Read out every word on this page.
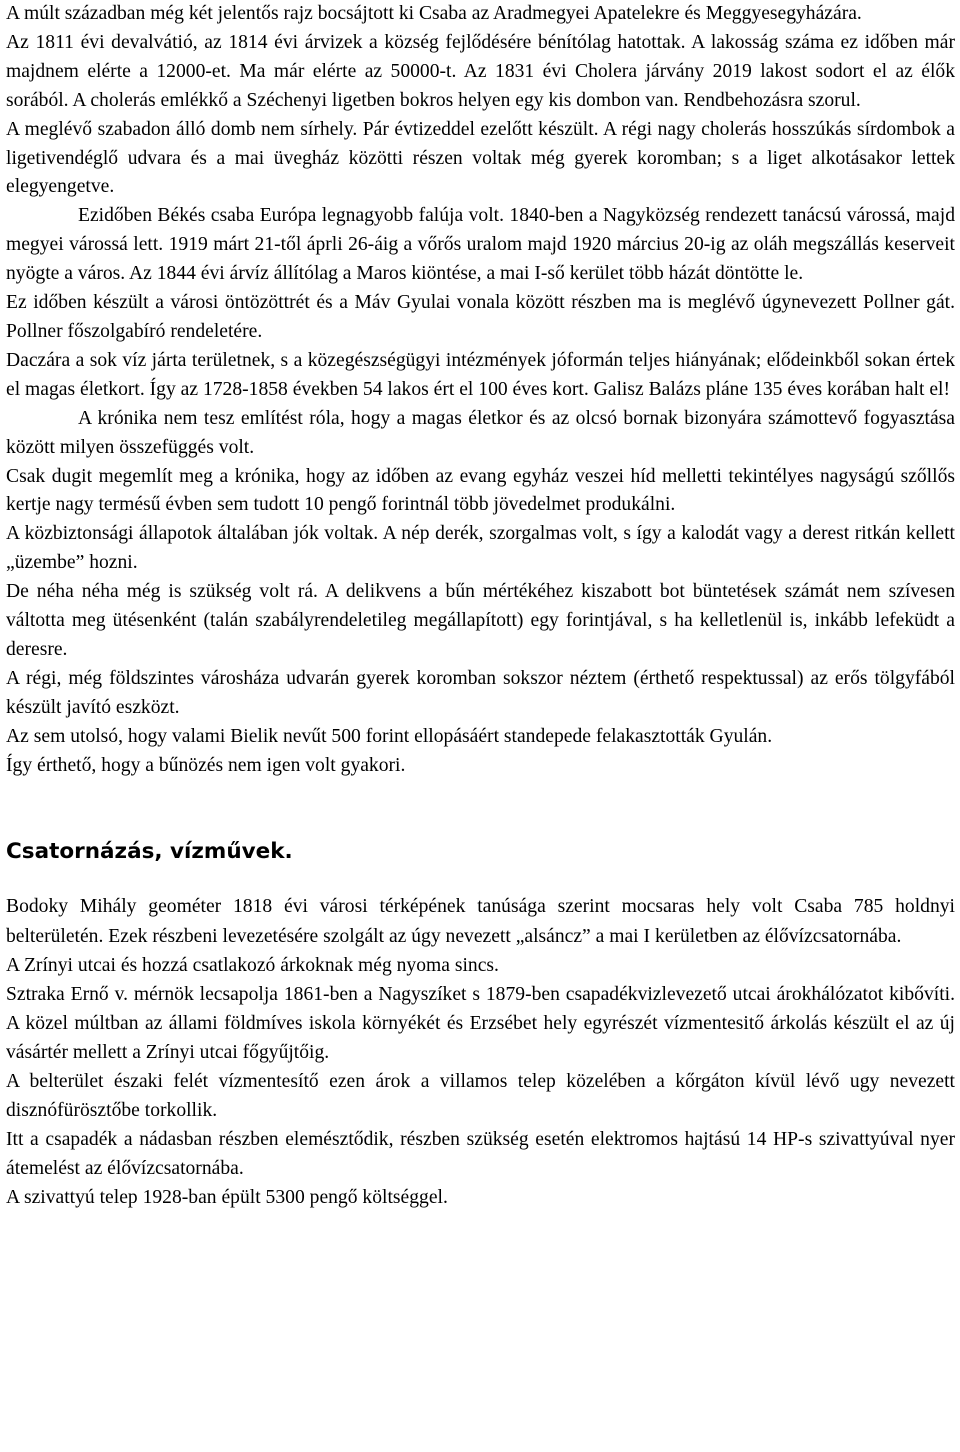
A múlt században még két jelentős rajz bocsájtott ki Csaba az Aradmegyei Apatelekre és Meggyesegyházára.

Az 1811 évi devalvátió, az 1814 évi árvizek a község fejlődésére bénítólag hatottak. A lakosság száma ez időben már majdnem elérte a 12000-et. Ma már elérte az 50000-t. Az 1831 évi Cholera járvány 2019 lakost sodort el az élők sorából. A cholerás emlékkő a Széchenyi ligetben bokros helyen egy kis dombon van. Rendbehozásra szorul.

A meglévő szabadon álló domb nem sírhely. Pár évtizeddel ezelőtt készült. A régi nagy cholerás hosszúkás sírdombok a ligetivendéglő udvara és a mai üvegház közötti részen voltak még gyerek koromban; s a liget alkotásakor lettek elegyengetve.

Ezidőben Békés csaba Európa legnagyobb falúja volt. 1840-ben a Nagyközség rendezett tanácsú várossá, majd megyei várossá lett. 1919 márt 21-től áprli 26-áig a vőrős uralom majd 1920 március 20-ig az oláh megszállás keserveit nyögte a város. Az 1844 évi árvíz állítólag a Maros kiöntése, a mai I-ső kerület több házát döntötte le.

Ez időben készült a városi öntözöttrét és a Máv Gyulai vonala között részben ma is meglévő úgynevezett Pollner gát. Pollner főszolgabíró rendeletére.

Daczára a sok víz járta területnek, s a közegészségügyi intézmények jóformán teljes hiányának; elődeinkből sokan értek el magas életkort. Így az 1728-1858 években 54 lakos ért el 100 éves kort. Galisz Balázs pláne 135 éves korában halt el!

A krónika nem tesz említést róla, hogy a magas életkor és az olcsó bornak bizonyára számottevő fogyasztása között milyen összefüggés volt.

Csak dugit megemlít meg a krónika, hogy az időben az evang egyház veszei híd melletti tekintélyes nagyságú szőllős kertje nagy termésű évben sem tudott 10 pengő forintnál több jövedelmet produkálni.

A közbiztonsági állapotok általában jók voltak. A nép derék, szorgalmas volt, s így a kalodát vagy a derest ritkán kellett „üzembe” hozni.

De néha néha még is szükség volt rá. A delikvens a bűn mértékéhez kiszabott bot büntetések számát nem szívesen váltotta meg ütésenként (talán szabályrendeletileg megállapított) egy forintjával, s ha kelletlenül is, inkább lefeküdt a deresre.

A régi, még földszintes városháza udvarán gyerek koromban sokszor néztem (érthető respektussal) az erős tölgyfából készült javító eszközt.

Az sem utolsó, hogy valami Bielik nevűt 500 forint ellopásáért standepede felakasztották Gyulán.

Így érthető, hogy a bűnözés nem igen volt gyakori.

Csatornázás, vízművek.

Bodoky Mihály geométer 1818 évi városi térképének tanúsága szerint mocsaras hely volt Csaba 785 holdnyi belterületén. Ezek részbeni levezetésére szolgált az úgy nevezett „alsáncz” a mai I kerületben az élővízcsatornába.

A Zrínyi utcai és hozzá csatlakozó árkoknak még nyoma sincs.

Sztraka Ernő v. mérnök lecsapolja 1861-ben a Nagyszíket s 1879-ben csapadékvizlevezető utcai árokhálózatot kibővíti. A közel múltban az állami földmíves iskola környékét és Erzsébet hely egyrészét vízmentesitő árkolás készült el az új vásártér mellett a Zrínyi utcai főgyűjtőig.

A belterület északi felét vízmentesítő ezen árok a villamos telep közelében a kőrgáton kívül lévő ugy nevezett disznófürösztőbe torkollik.

Itt a csapadék a nádasban részben elemésztődik, részben szükség esetén elektromos hajtású 14 HP-s szivattyúval nyer átemelést az élővízcsatornába.

A szivattyú telep 1928-ban épült 5300 pengő költséggel.
